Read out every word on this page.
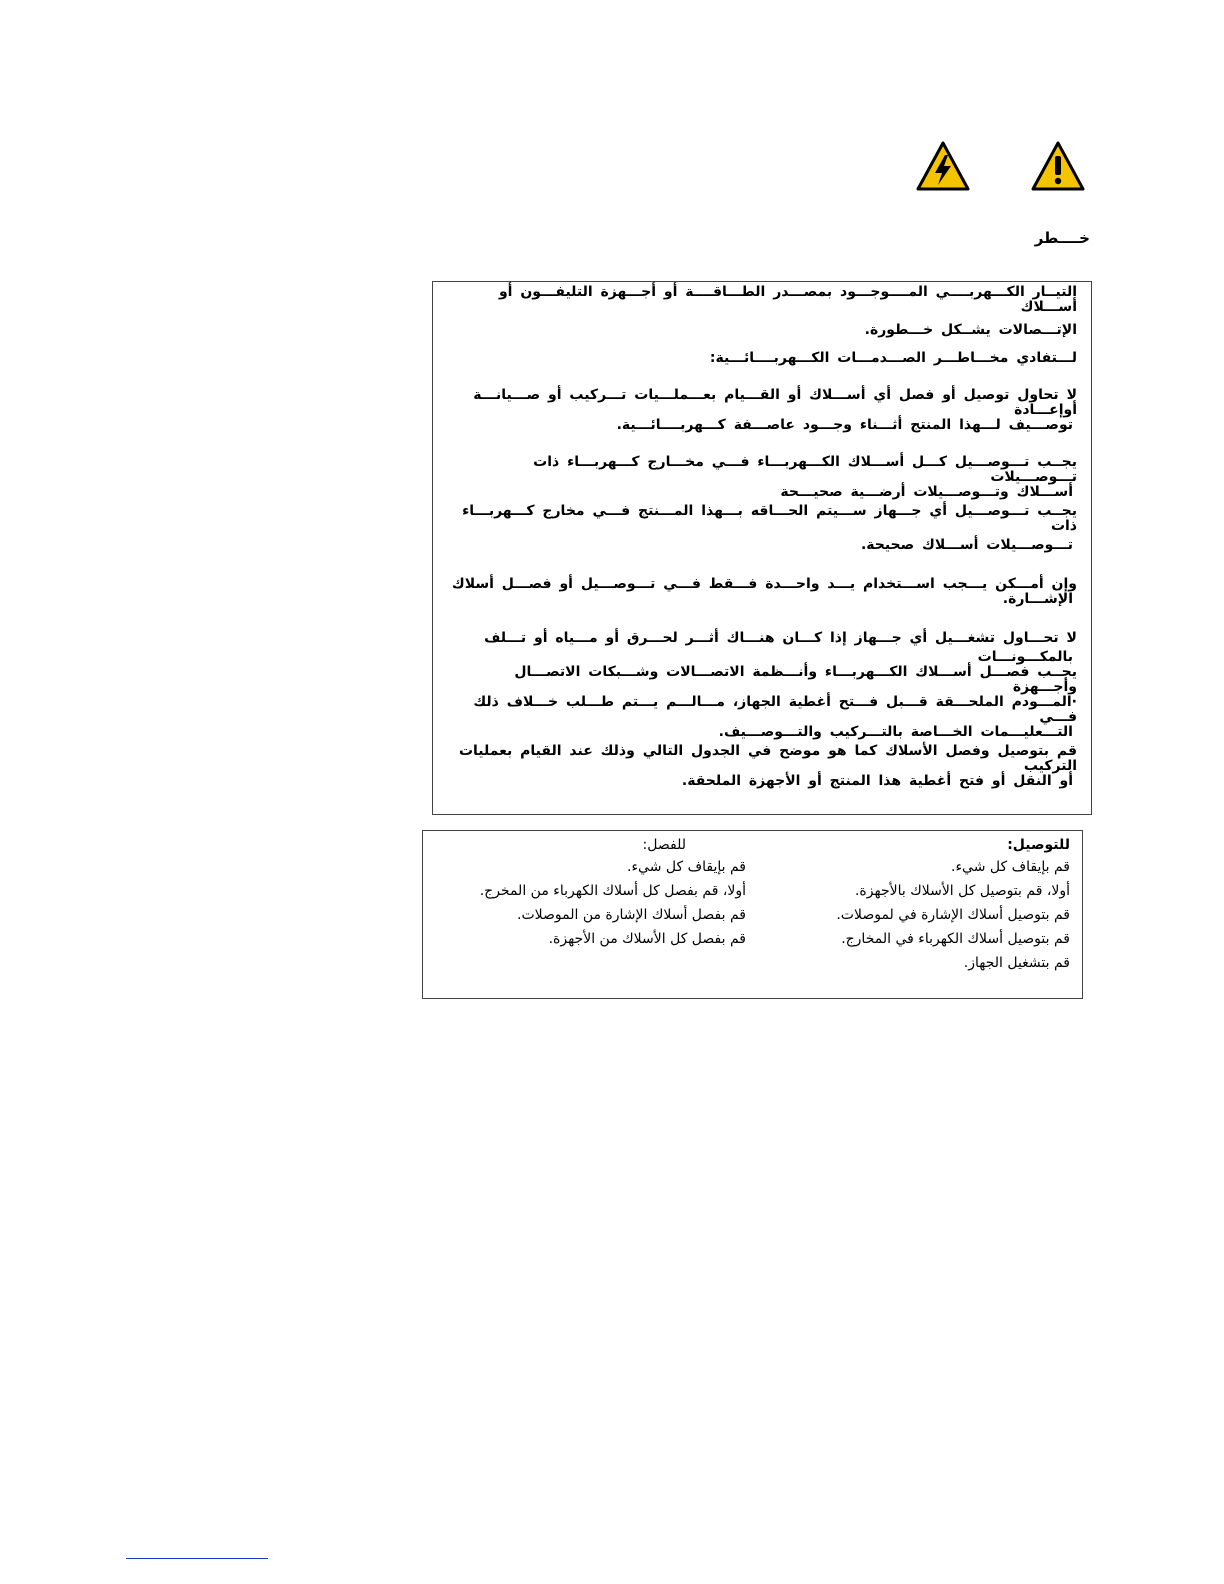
خــــطر

التيــار الكـــهربــــي المــــوجـــود بمصـــدر الطـــاقــــة أو أجـــهزة التليفـــون أو أســـلاك

الإتـــصالات يشــكل خـــطورة.

لـــتفادي مخـــاطـــر الصـــدمـــات الكـــهربــــائـــية:

لا تحاول توصيل أو فصل أي أســـلاك أو القـــيام بعـــملـــيات تـــركيب أو صـــيانـــة أوإعـــادة

توصـــيف لـــهذا المنتج أثـــناء وجـــود عاصـــفة كـــهربــــائـــية.

يجــب تـــوصـــيل كـــل أســـلاك الكـــهربـــاء فـــي مخـــارج كـــهربـــاء ذات تـــوصـــيلات

أســـلاك وتـــوصـــيلات أرضـــية صحيـــحة

يجــب تـــوصـــيل أي جـــهاز ســـيتم الحـــاقه بـــهذا المـــنتج فـــي مخارج كـــهربـــاء ذات

تـــوصـــيلات أســـلاك صحيحة.

وإن أمـــكن يـــجب اســـتخدام يـــد واحـــدة فـــقط فـــي تـــوصـــيل أو فصـــل أسلاك

الإشـــارة.

لا تحـــاول تشغـــيل أي جـــهاز إذا كـــان هنـــاك أثـــر لحـــرق أو مـــياه أو تـــلف

بالمكـــونـــات

يجــب فصـــل أســـلاك الكـــهربـــاء وأنـــظمة الاتصـــالات وشـــبكات الاتصـــال وأجـــهزة

·المـــودم الملحـــقة قـــبل فـــتح أغطية الجهاز، مـــالـــم يـــتم طـــلب خـــلاف ذلك فـــي

التـــعليـــمات الخـــاصة بالتـــركيب والتـــوصـــيف.

قم بتوصيل وفصل الأسلاك كما هو موضح في الجدول التالي وذلك عند القيام بعمليات التركيب

أو النقل أو فتح أغطية هذا المنتج أو الأجهزة الملحقة.

للتوصيل:
قم بإيقاف كل شيء.
أولا، قم بتوصيل كل الأسلاك بالأجهزة.
قم بتوصيل أسلاك الإشارة في لموصلات.
قم بتوصيل أسلاك الكهرباء في المخارج.
قم بتشغيل الجهاز.
للفصل:
قم بإيقاف كل شيء.
أولا، قم بفصل كل أسلاك الكهرباء من المخرج.
قم بفصل أسلاك الإشارة من الموصلات.
قم بفصل كل الأسلاك من الأجهزة.
